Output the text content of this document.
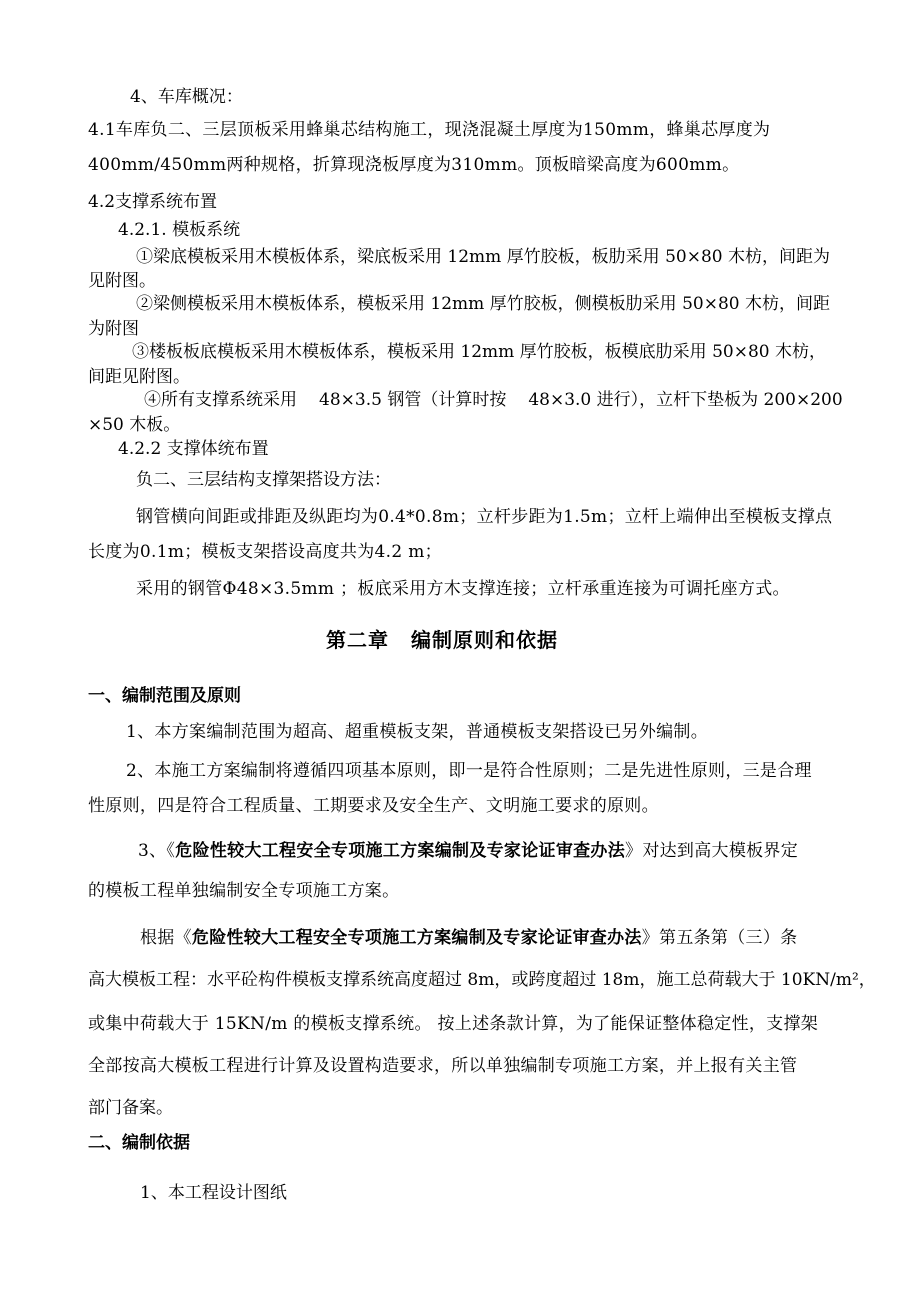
4、车库概况：
4.1车库负二、三层顶板采用蜂巢芯结构施工，现浇混凝土厚度为150mm，蜂巢芯厚度为
400mm/450mm两种规格，折算现浇板厚度为310mm。顶板暗梁高度为600mm。
4.2支撑系统布置
4.2.1. 模板系统
①梁底模板采用木模板体系，梁底板采用 12mm 厚竹胶板，板肋采用 50×80 木枋，间距为
见附图。
②梁侧模板采用木模板体系，模板采用 12mm 厚竹胶板，侧模板肋采用 50×80 木枋，间距
为附图
③楼板板底模板采用木模板体系，模板采用 12mm 厚竹胶板，板模底肋采用 50×80 木枋，
间距见附图。
④所有支撑系统采用 48×3.5 钢管（计算时按 48×3.0 进行），立杆下垫板为 200×200
×50 木板。
4.2.2 支撑体统布置
负二、三层结构支撑架搭设方法：
钢管横向间距或排距及纵距均为0.4*0.8m；立杆步距为1.5m；立杆上端伸出至模板支撑点
长度为0.1m；模板支架搭设高度共为4.2 m；
采用的钢管Φ48×3.5mm ；板底采用方木支撑连接；立杆承重连接为可调托座方式。
第二章 编制原则和依据
一、编制范围及原则
1、本方案编制范围为超高、超重模板支架，普通模板支架搭设已另外编制。
2、本施工方案编制将遵循四项基本原则，即一是符合性原则；二是先进性原则，三是合理
性原则，四是符合工程质量、工期要求及安全生产、文明施工要求的原则。
3、《危险性较大工程安全专项施工方案编制及专家论证审查办法》对达到高大模板界定
的模板工程单独编制安全专项施工方案。
根据《危险性较大工程安全专项施工方案编制及专家论证审查办法》第五条第（三）条
高大模板工程：水平砼构件模板支撑系统高度超过 8m，或跨度超过 18m，施工总荷载大于 10KN/m²，
或集中荷载大于 15KN/m 的模板支撑系统。 按上述条款计算，为了能保证整体稳定性，支撑架
全部按高大模板工程进行计算及设置构造要求，所以单独编制专项施工方案，并上报有关主管
部门备案。
二、编制依据
1、本工程设计图纸
